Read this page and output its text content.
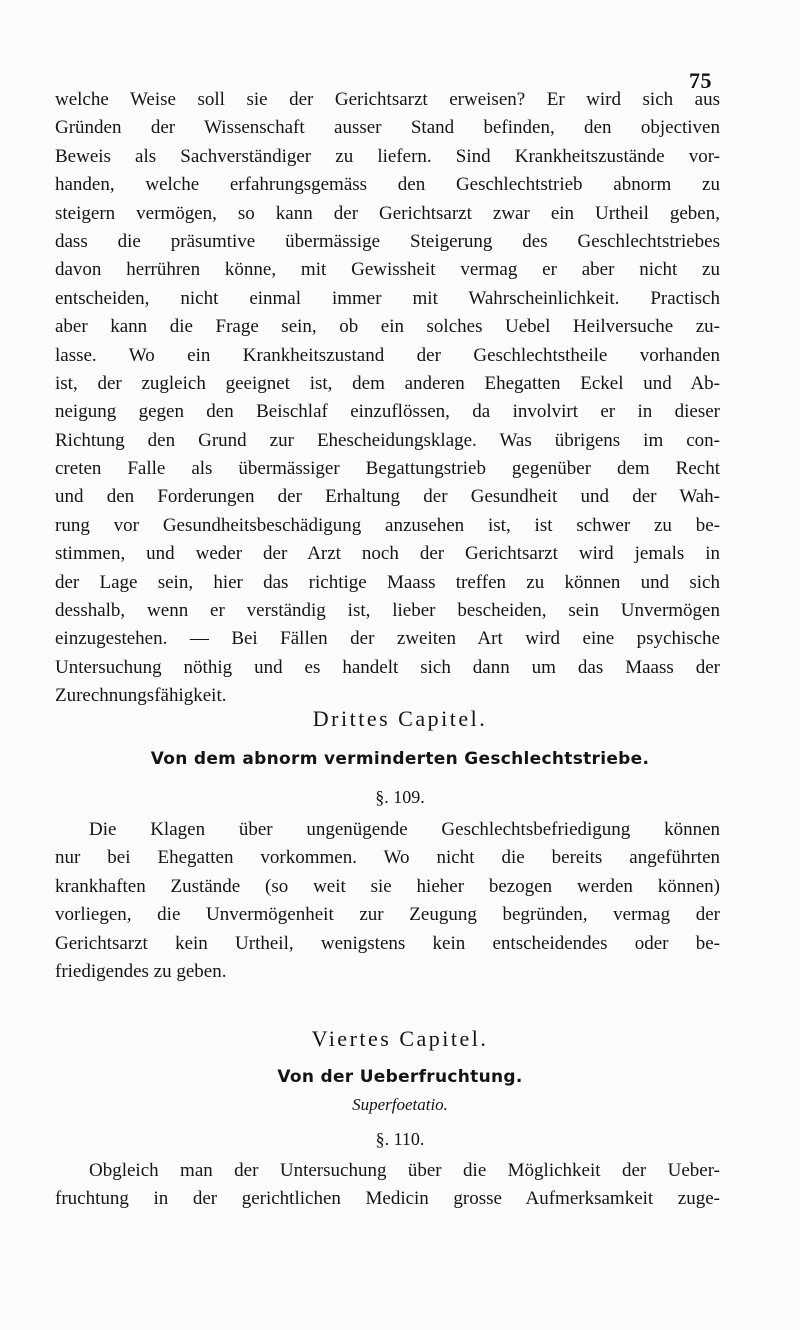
75
welche Weise soll sie der Gerichtsarzt erweisen? Er wird sich aus
Gründen der Wissenschaft ausser Stand befinden, den objectiven
Beweis als Sachverständiger zu liefern. Sind Krankheitszustände vor-
handen, welche erfahrungsgemäss den Geschlechtstrieb abnorm zu
steigern vermögen, so kann der Gerichtsarzt zwar ein Urtheil geben,
dass die präsumtive übermässige Steigerung des Geschlechtstriebes
davon herrühren könne, mit Gewissheit vermag er aber nicht zu
entscheiden, nicht einmal immer mit Wahrscheinlichkeit. Practisch
aber kann die Frage sein, ob ein solches Uebel Heilversuche zu-
lasse. Wo ein Krankheitszustand der Geschlechtstheile vorhanden
ist, der zugleich geeignet ist, dem anderen Ehegatten Eckel und Ab-
neigung gegen den Beischlaf einzuflössen, da involvirt er in dieser
Richtung den Grund zur Ehescheidungsklage. Was übrigens im con-
creten Falle als übermässiger Begattungstrieb gegenüber dem Recht
und den Forderungen der Erhaltung der Gesundheit und der Wah-
rung vor Gesundheitsbeschädigung anzusehen ist, ist schwer zu be-
stimmen, und weder der Arzt noch der Gerichtsarzt wird jemals in
der Lage sein, hier das richtige Maass treffen zu können und sich
desshalb, wenn er verständig ist, lieber bescheiden, sein Unvermögen
einzugestehen. — Bei Fällen der zweiten Art wird eine psychische
Untersuchung nöthig und es handelt sich dann um das Maass der
Zurechnungsfähigkeit.
Drittes Capitel.
Von dem abnorm verminderten Geschlechtstriebe.
§. 109.
Die Klagen über ungenügende Geschlechtsbefriedigung können
nur bei Ehegatten vorkommen. Wo nicht die bereits angeführten
krankhaften Zustände (so weit sie hieher bezogen werden können)
vorliegen, die Unvermögenheit zur Zeugung begründen, vermag der
Gerichtsarzt kein Urtheil, wenigstens kein entscheidendes oder be-
friedigendes zu geben.
Viertes Capitel.
Von der Ueberfruchtung.
Superfoetatio.
§. 110.
Obgleich man der Untersuchung über die Möglichkeit der Ueber-
fruchtung in der gerichtlichen Medicin grosse Aufmerksamkeit zuge-
